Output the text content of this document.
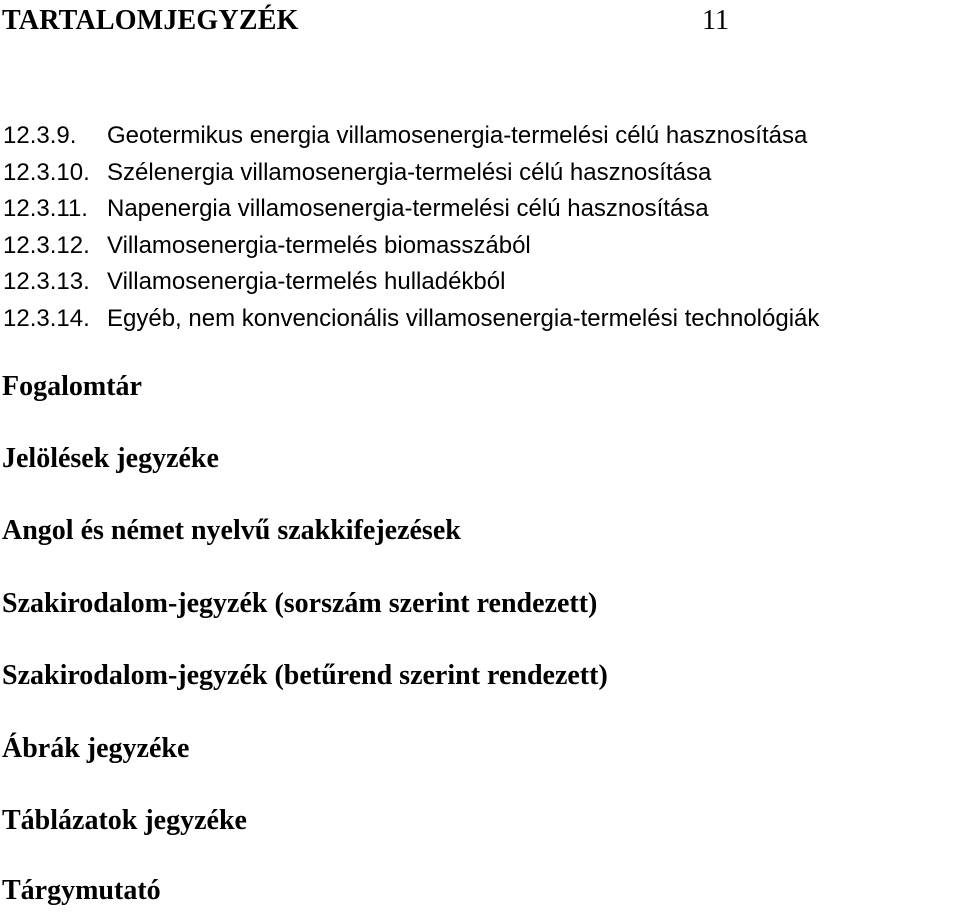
TARTALOMJEGYZÉK	11
12.3.9.	Geotermikus energia villamosenergia-termelési célú hasznosítása
12.3.10. Szélenergia villamosenergia-termelési célú hasznosítása
12.3.11. Napenergia villamosenergia-termelési célú hasznosítása
12.3.12. Villamosenergia-termelés biomasszából
12.3.13. Villamosenergia-termelés hulladékból
12.3.14. Egyéb, nem konvencionális villamosenergia-termelési technológiák
Fogalomtár
Jelölések jegyzéke
Angol és német nyelvű szakkifejezések
Szakirodalom-jegyzék (sorszám szerint rendezett)
Szakirodalom-jegyzék (betűrend szerint rendezett)
Ábrák jegyzéke
Táblázatok jegyzéke
Tárgymutató
